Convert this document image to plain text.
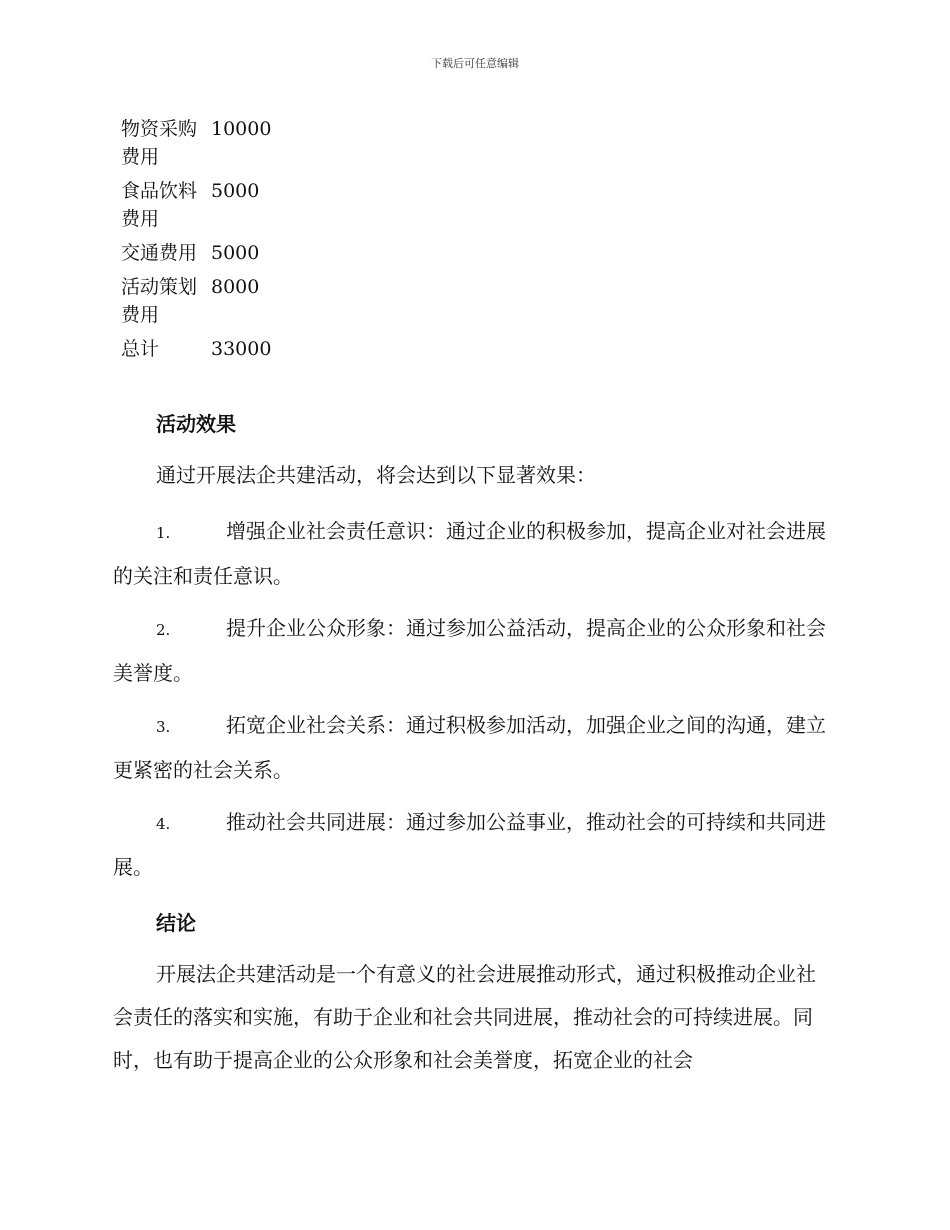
下载后可任意编辑
物资采购费用	10000
食品饮料费用	5000
交通费用	5000
活动策划费用	8000
总计	33000
活动效果

通过开展法企共建活动，将会达到以下显著效果：

1.	增强企业社会责任意识：通过企业的积极参加，提高企业对社会进展的关注和责任意识。

2.	提升企业公众形象：通过参加公益活动，提高企业的公众形象和社会美誉度。

3.	拓宽企业社会关系：通过积极参加活动，加强企业之间的沟通，建立更紧密的社会关系。

4.	推动社会共同进展：通过参加公益事业，推动社会的可持续和共同进展。

结论

开展法企共建活动是一个有意义的社会进展推动形式，通过积极推动企业社会责任的落实和实施，有助于企业和社会共同进展，推动社会的可持续进展。同时，也有助于提高企业的公众形象和社会美誉度，拓宽企业的社会
